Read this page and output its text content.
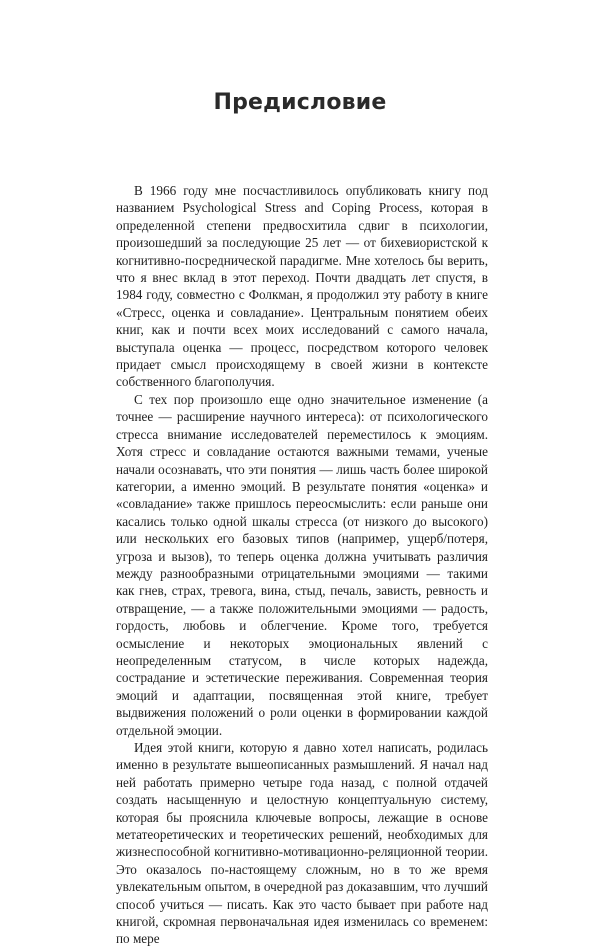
Предисловие

В 1966 году мне посчастливилось опубликовать книгу под названием Psychological Stress and Coping Process, которая в определенной степени предвосхитила сдвиг в психологии, произошедший за последующие 25 лет — от бихевиористской к когнитивно-посреднической парадигме. Мне хотелось бы верить, что я внес вклад в этот переход. Почти двадцать лет спустя, в 1984 году, совместно с Фолкман, я продолжил эту работу в книге «Стресс, оценка и совладание». Центральным понятием обеих книг, как и почти всех моих исследований с самого начала, выступала оценка — процесс, посредством которого человек придает смысл происходящему в своей жизни в контексте собственного благополучия.

С тех пор произошло еще одно значительное изменение (а точнее — расширение научного интереса): от психологического стресса внимание исследователей переместилось к эмоциям. Хотя стресс и совладание остаются важными темами, ученые начали осознавать, что эти понятия — лишь часть более широкой категории, а именно эмоций. В результате понятия «оценка» и «совладание» также пришлось переосмыслить: если раньше они касались только одной шкалы стресса (от низкого до высокого) или нескольких его базовых типов (например, ущерб/потеря, угроза и вызов), то теперь оценка должна учитывать различия между разнообразными отрицательными эмоциями — такими как гнев, страх, тревога, вина, стыд, печаль, зависть, ревность и отвращение, — а также положительными эмоциями — радость, гордость, любовь и облегчение. Кроме того, требуется осмысление и некоторых эмоциональных явлений с неопределенным статусом, в числе которых надежда, сострадание и эстетические переживания. Современная теория эмоций и адаптации, посвященная этой книге, требует выдвижения положений о роли оценки в формировании каждой отдельной эмоции.

Идея этой книги, которую я давно хотел написать, родилась именно в результате вышеописанных размышлений. Я начал над ней работать примерно четыре года назад, с полной отдачей создать насыщенную и целостную концептуальную систему, которая бы прояснила ключевые вопросы, лежащие в основе метатеоретических и теоретических решений, необходимых для жизнеспособной когнитивно-мотивационно-реляционной теории. Это оказалось по-настоящему сложным, но в то же время увлекательным опытом, в очередной раз доказавшим, что лучший способ учиться — писать. Как это часто бывает при работе над книгой, скромная первоначальная идея изменилась со временем: по мере
